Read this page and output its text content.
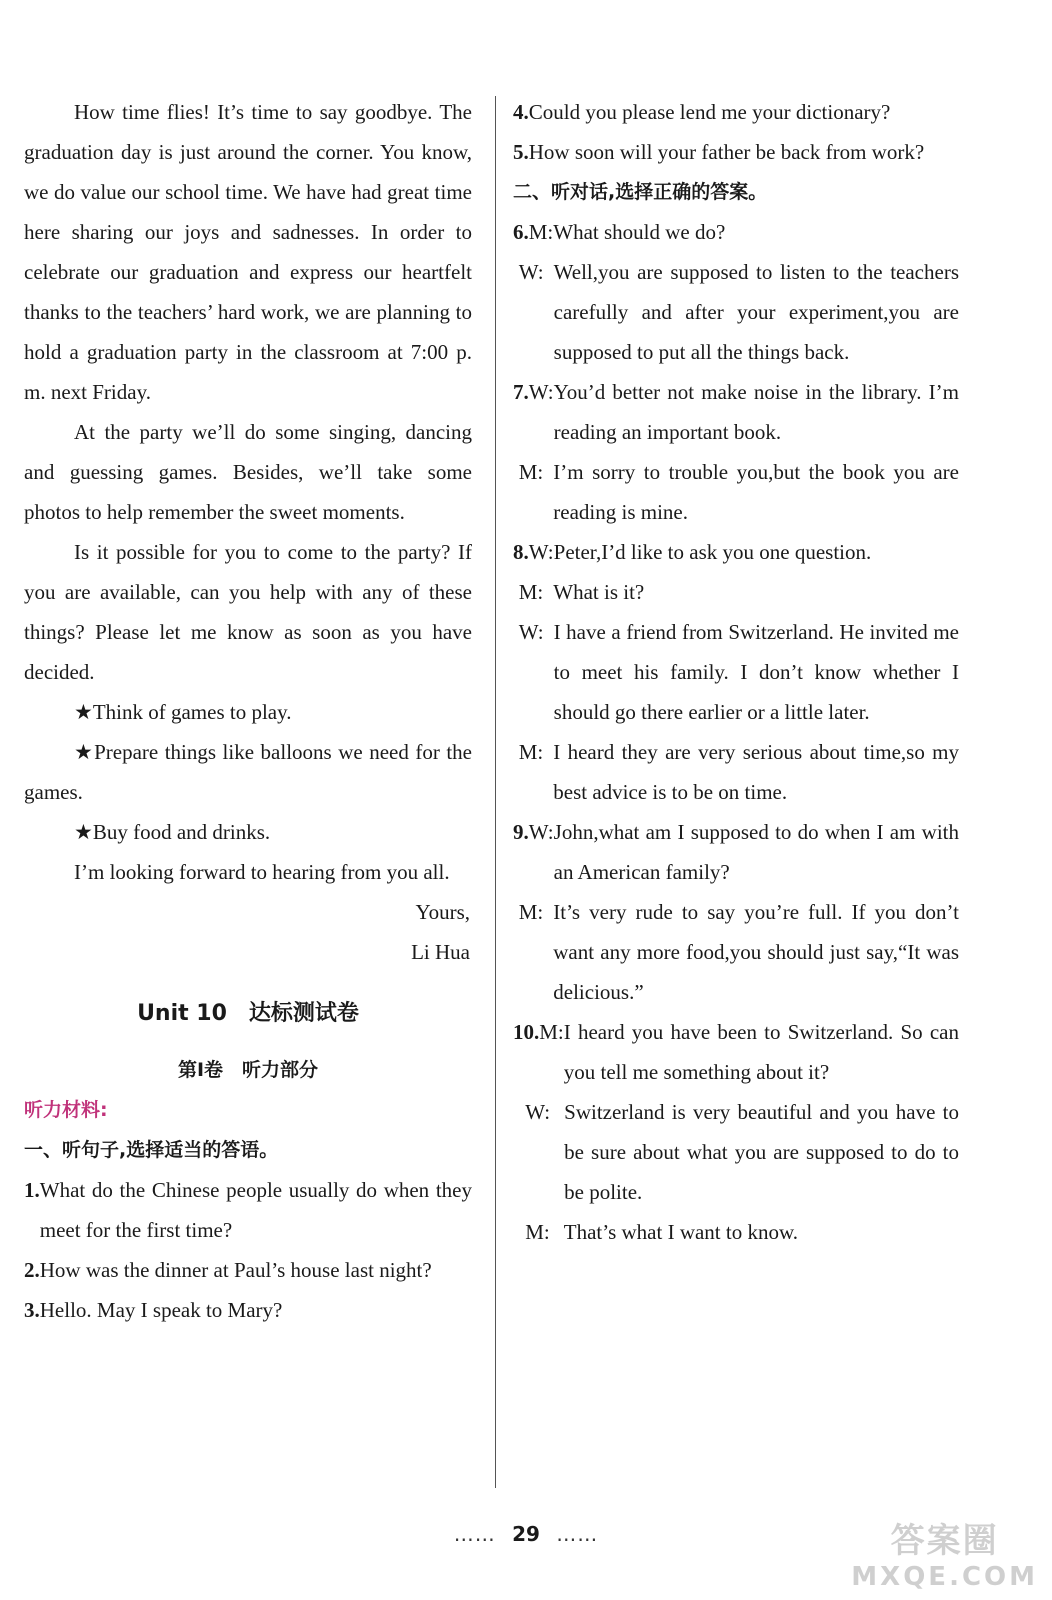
How time flies! It’s time to say goodbye. The graduation day is just around the corner. You know, we do value our school time. We have had great time here sharing our joys and sadnesses. In order to celebrate our graduation and express our heartfelt thanks to the teachers’ hard work, we are planning to hold a graduation party in the classroom at 7:00 p. m. next Friday.
At the party we’ll do some singing, dancing and guessing games. Besides, we’ll take some photos to help remember the sweet moments.
Is it possible for you to come to the party? If you are available, can you help with any of these things? Please let me know as soon as you have decided.
★Think of games to play.
★Prepare things like balloons we need for the games.
★Buy food and drinks.
I’m looking forward to hearing from you all.
Yours,
Li Hua
Unit 10　达标测试卷
第Ⅰ卷　听力部分
听力材料:
一、听句子,选择适当的答语。
1. What do the Chinese people usually do when they meet for the first time?
2. How was the dinner at Paul’s house last night?
3. Hello. May I speak to Mary?
4. Could you please lend me your dictionary?
5. How soon will your father be back from work?
二、听对话,选择正确的答案。
6. M: What should we do?
W: Well,you are supposed to listen to the teachers carefully and after your experiment,you are supposed to put all the things back.
7. W: You’d better not make noise in the library. I’m reading an important book.
M: I’m sorry to trouble you,but the book you are reading is mine.
8. W: Peter,I’d like to ask you one question.
M: What is it?
W: I have a friend from Switzerland. He invited me to meet his family. I don’t know whether I should go there earlier or a little later.
M: I heard they are very serious about time,so my best advice is to be on time.
9. W: John,what am I supposed to do when I am with an American family?
M: It’s very rude to say you’re full. If you don’t want any more food,you should just say,“It was delicious.”
10. M: I heard you have been to Switzerland. So can you tell me something about it?
W: Switzerland is very beautiful and you have to be sure about what you are supposed to do to be polite.
M: That’s what I want to know.
…… 29 ……	答案圈
MXQE.COM
